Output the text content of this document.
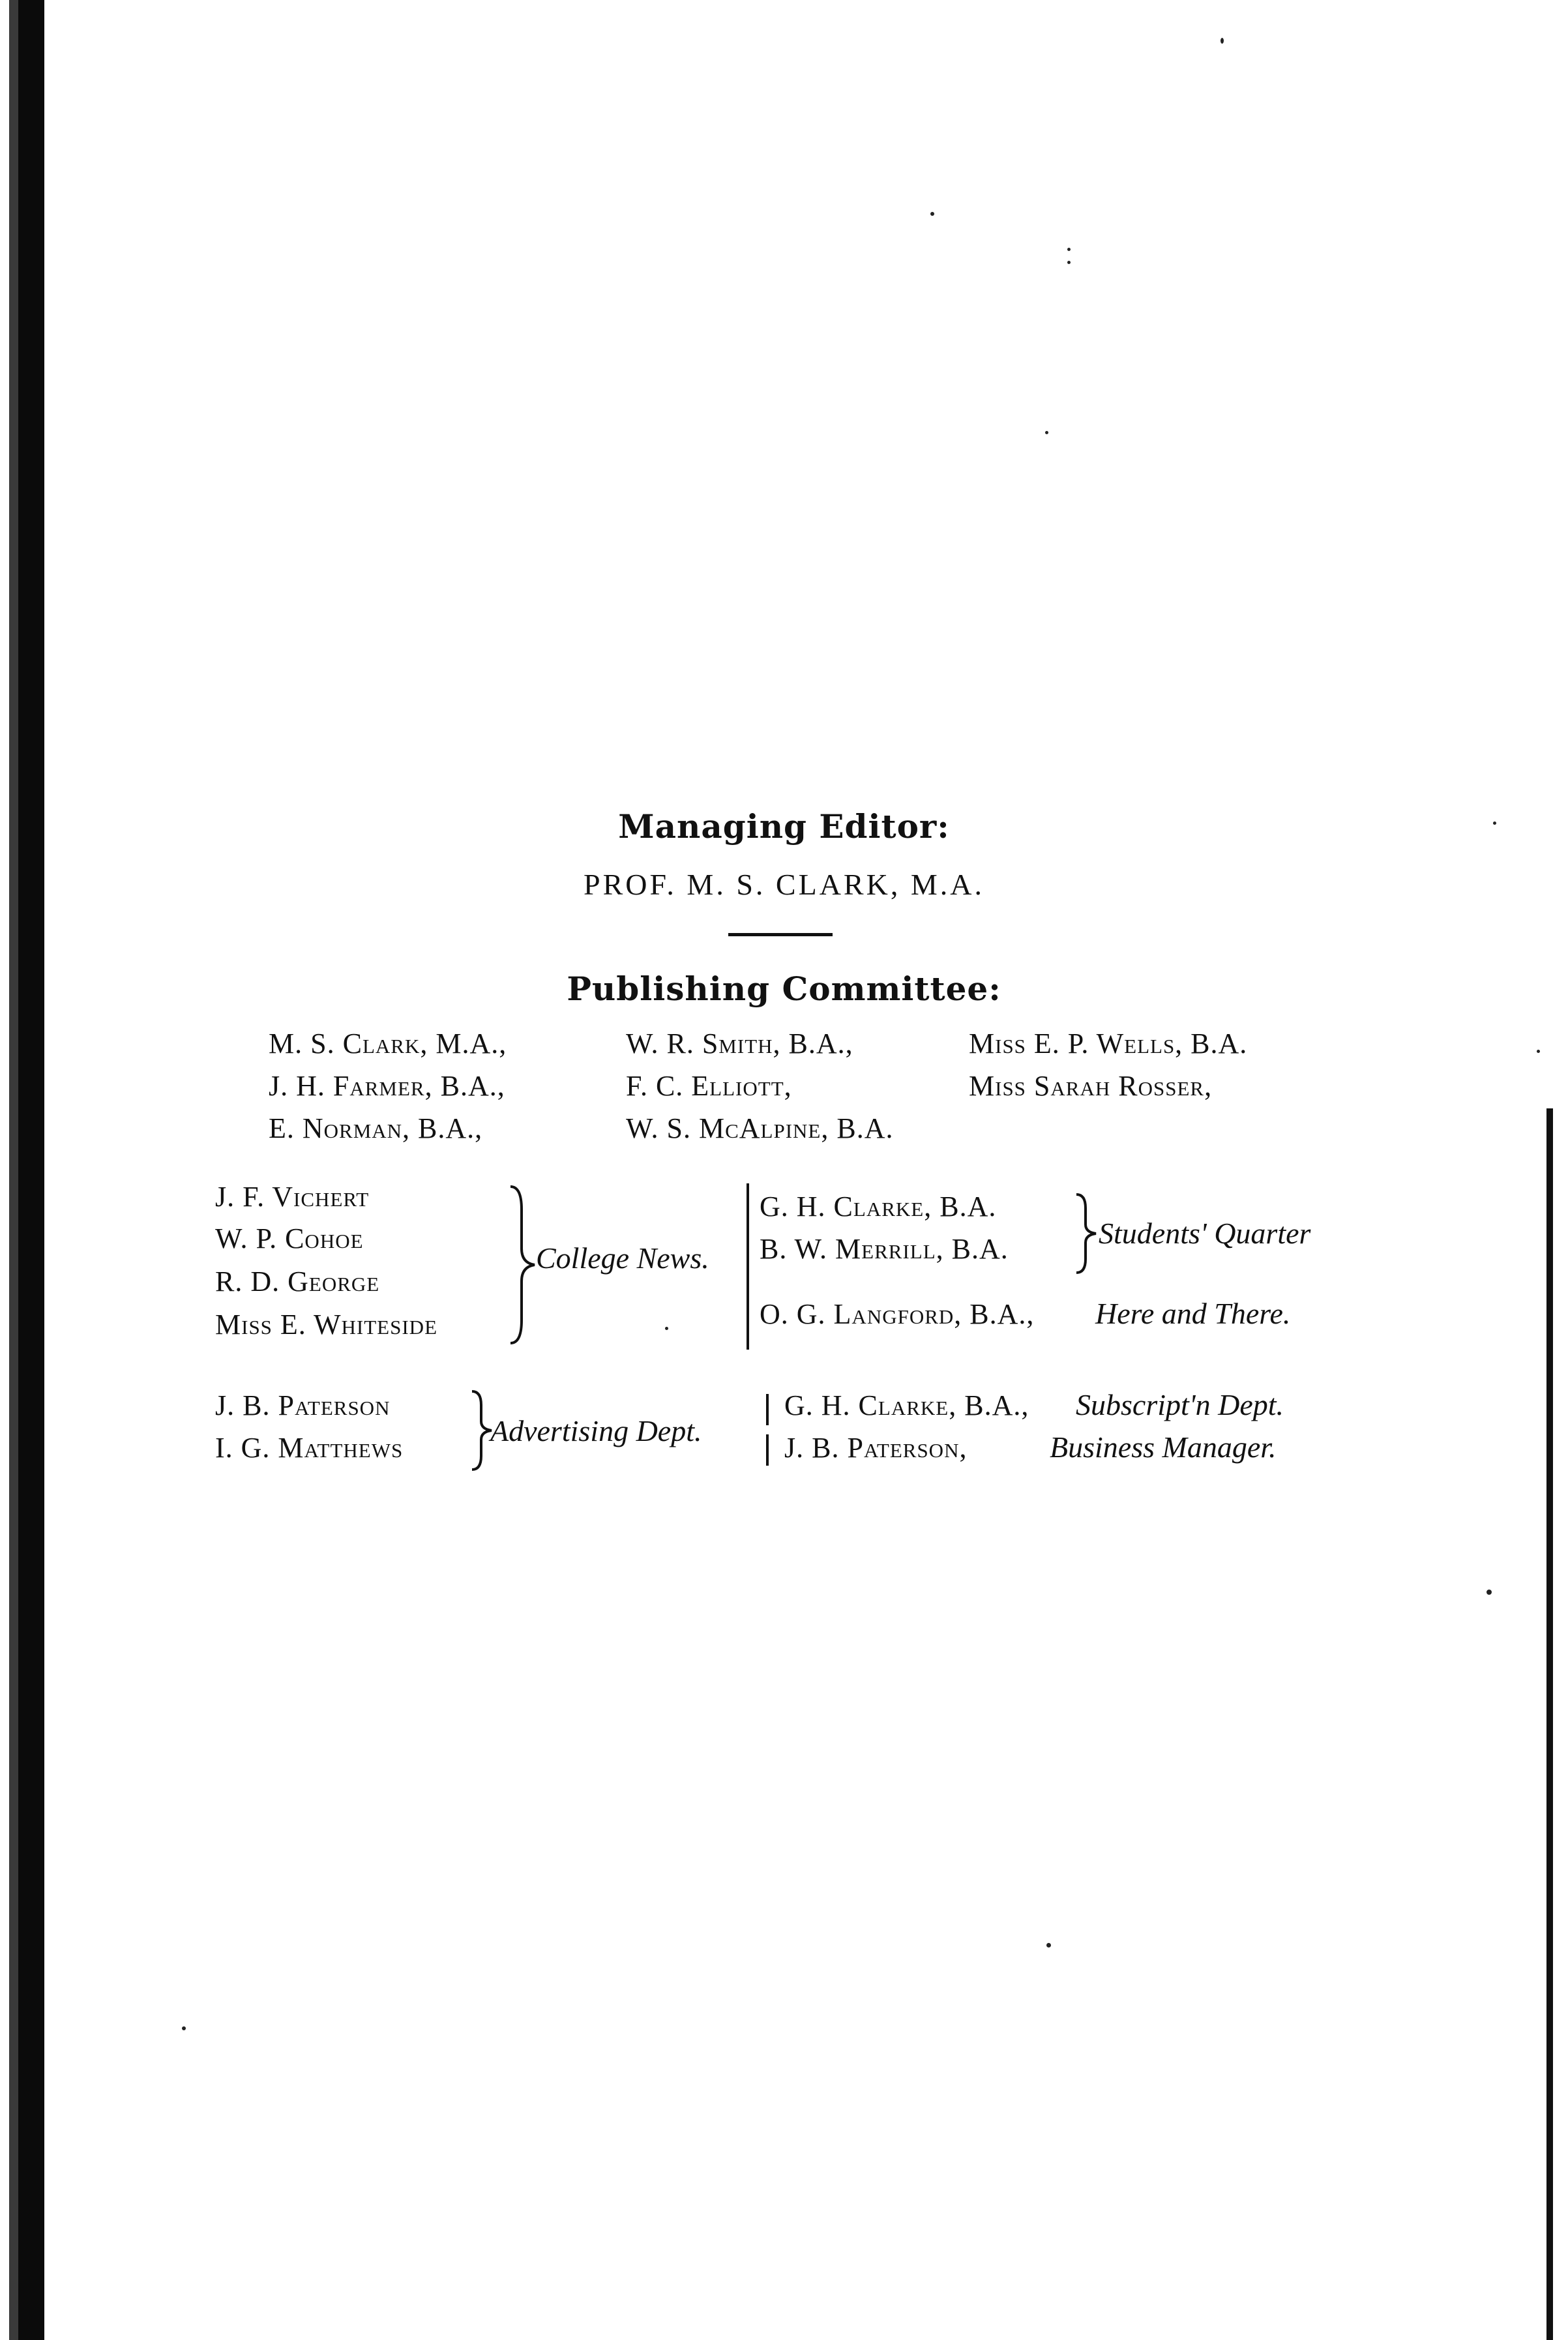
Managing Editor:
PROF. M. S. CLARK, M.A.
Publishing Committee:
M. S. Clark, M.A.,
J. H. Farmer, B.A.,
E. Norman, B.A.,
W. R. Smith, B.A.,
F. C. Elliott,
W. S. McAlpine, B.A.
Miss E. P. Wells, B.A.
Miss Sarah Rosser,
J. F. Vichert
W. P. Cohoe
R. D. George
Miss E. Whiteside
College News.
G. H. Clarke, B.A.
B. W. Merrill, B.A.	Students' Quarter
O. G. Langford, B.A., Here and There.
J. B. Paterson
I. G. Matthews
Advertising Dept.
G. H. Clarke, B.A., Subscript'n Dept.
J. B. Paterson,	Business Manager.
